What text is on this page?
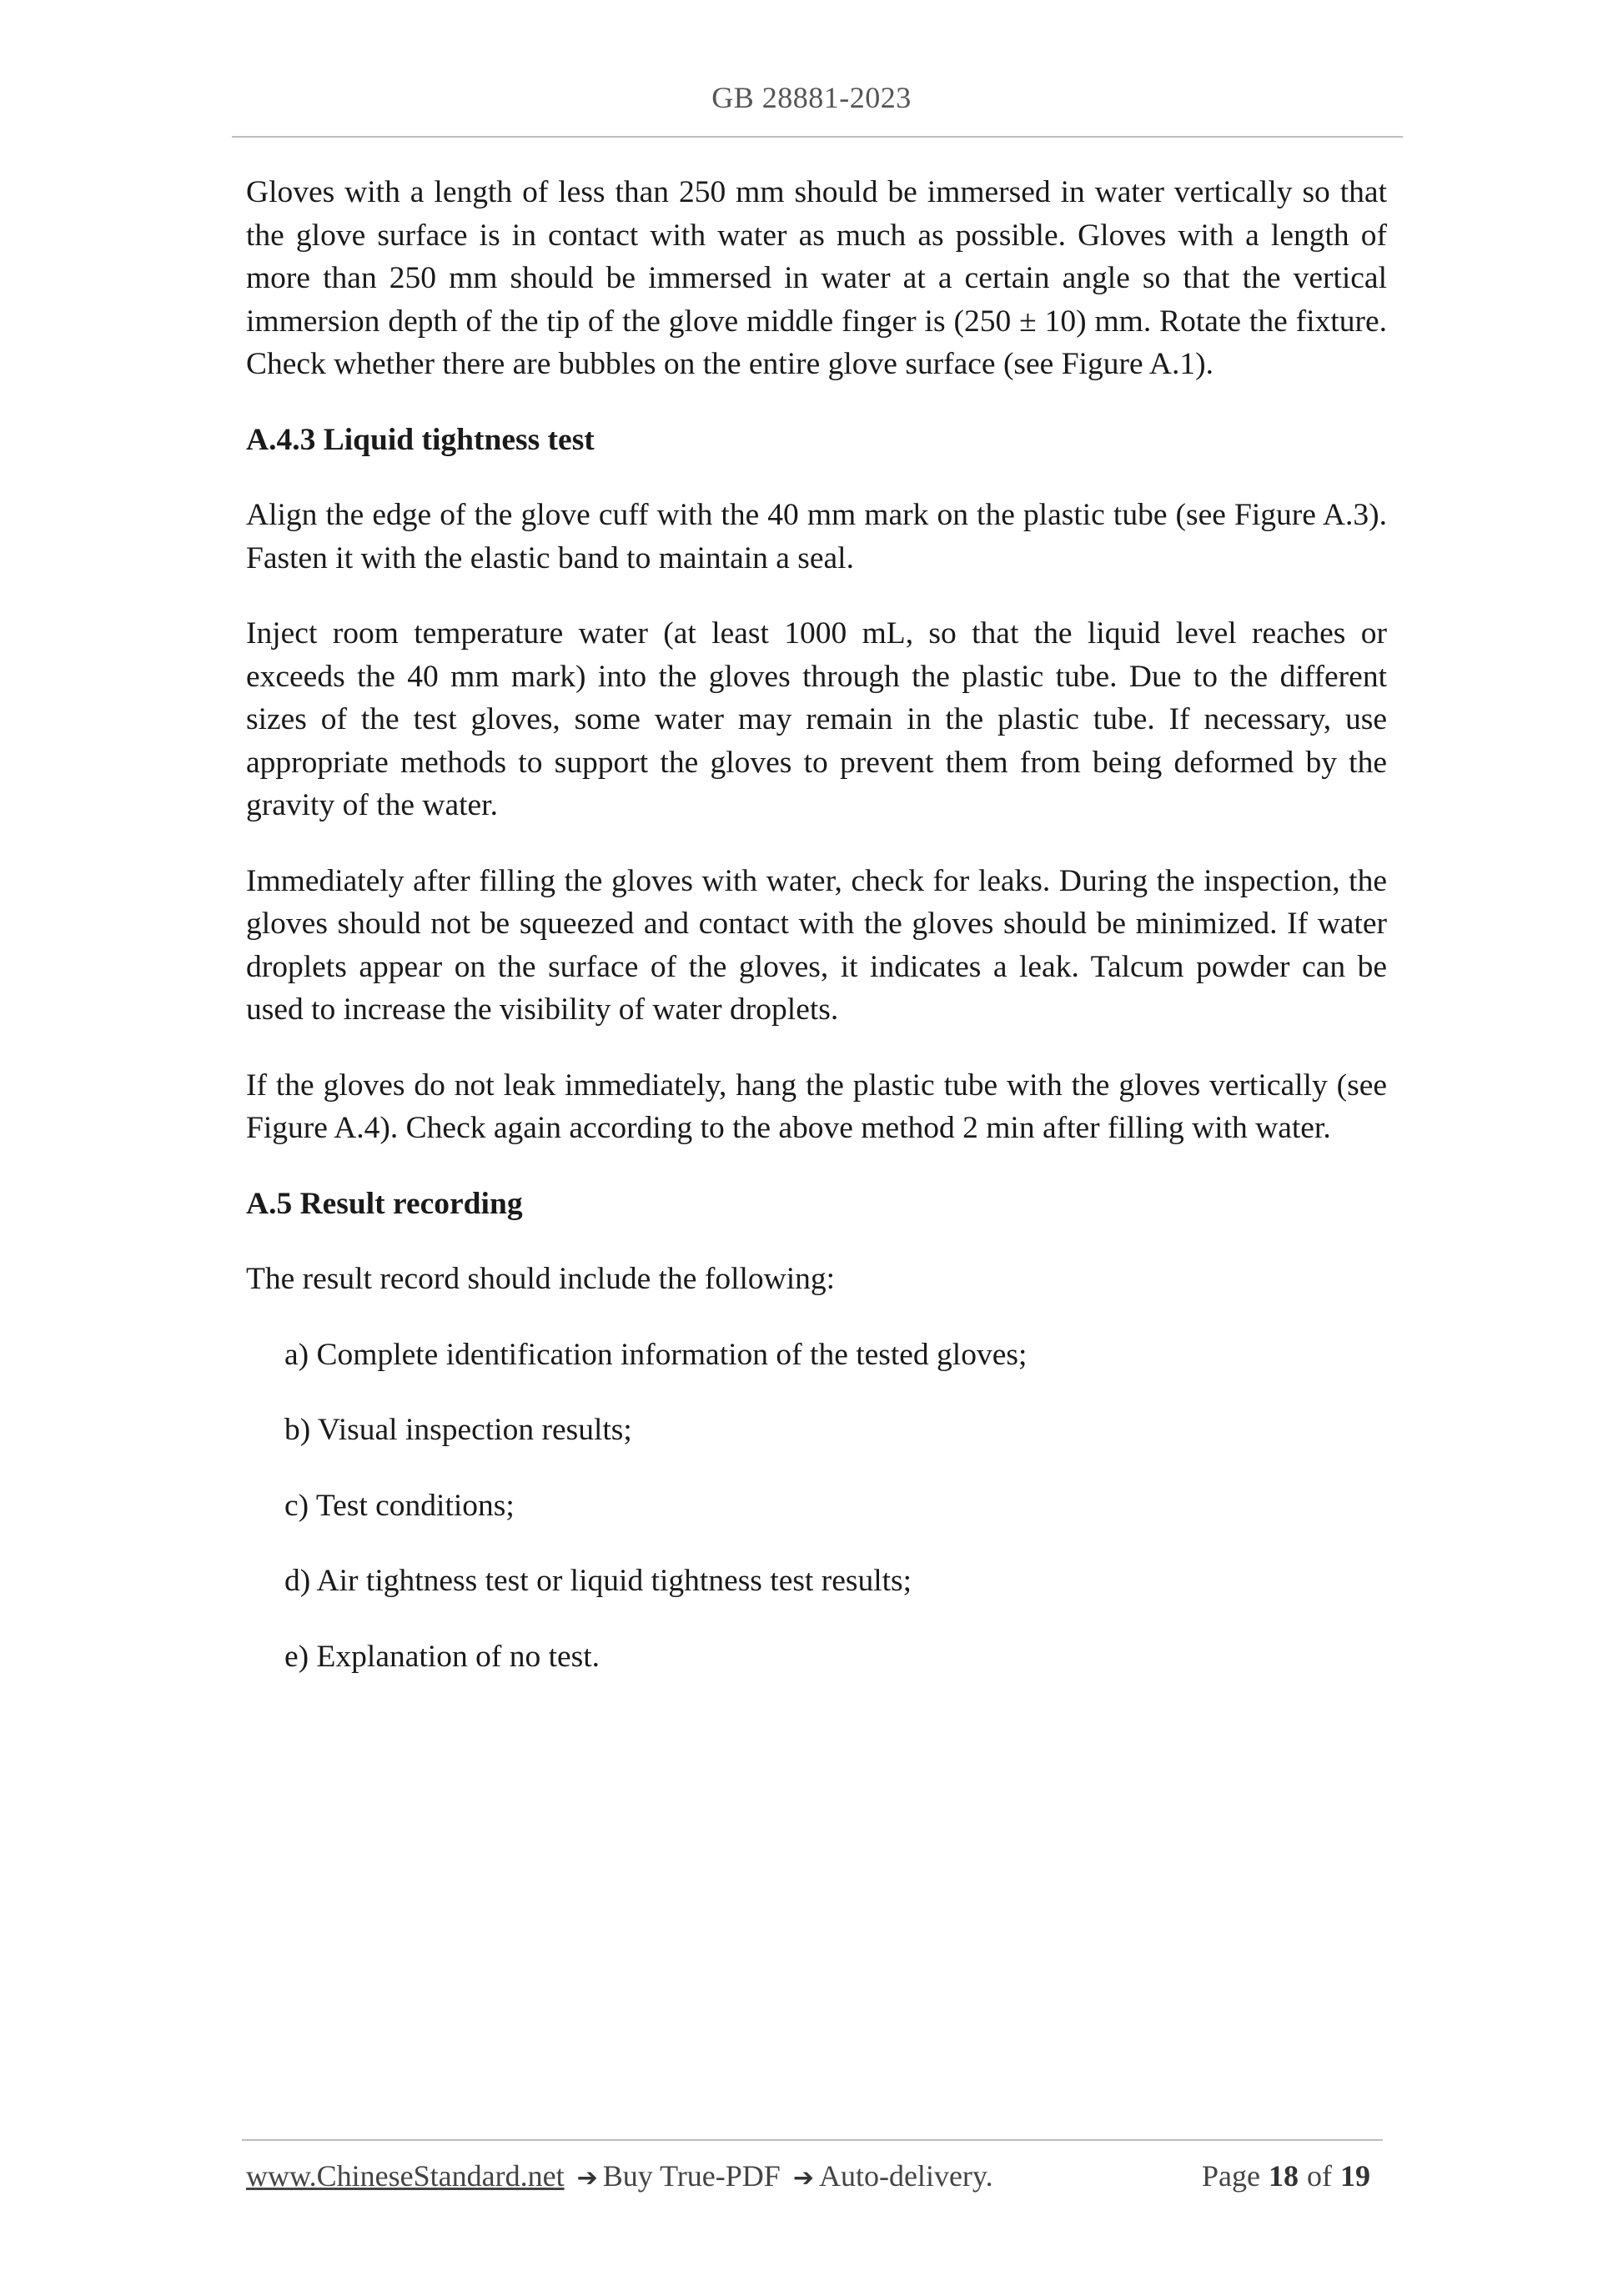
GB 28881-2023

Gloves with a length of less than 250 mm should be immersed in water vertically so that the glove surface is in contact with water as much as possible. Gloves with a length of more than 250 mm should be immersed in water at a certain angle so that the vertical immersion depth of the tip of the glove middle finger is (250 ± 10) mm. Rotate the fixture. Check whether there are bubbles on the entire glove surface (see Figure A.1).

A.4.3 Liquid tightness test

Align the edge of the glove cuff with the 40 mm mark on the plastic tube (see Figure A.3). Fasten it with the elastic band to maintain a seal.

Inject room temperature water (at least 1000 mL, so that the liquid level reaches or exceeds the 40 mm mark) into the gloves through the plastic tube. Due to the different sizes of the test gloves, some water may remain in the plastic tube. If necessary, use appropriate methods to support the gloves to prevent them from being deformed by the gravity of the water.

Immediately after filling the gloves with water, check for leaks. During the inspection, the gloves should not be squeezed and contact with the gloves should be minimized. If water droplets appear on the surface of the gloves, it indicates a leak. Talcum powder can be used to increase the visibility of water droplets.

If the gloves do not leak immediately, hang the plastic tube with the gloves vertically (see Figure A.4). Check again according to the above method 2 min after filling with water.

A.5 Result recording

The result record should include the following:

a) Complete identification information of the tested gloves;

b) Visual inspection results;

c) Test conditions;

d) Air tightness test or liquid tightness test results;

e) Explanation of no test.

www.ChineseStandard.net ➔ Buy True-PDF ➔ Auto-delivery.	Page 18 of 19
